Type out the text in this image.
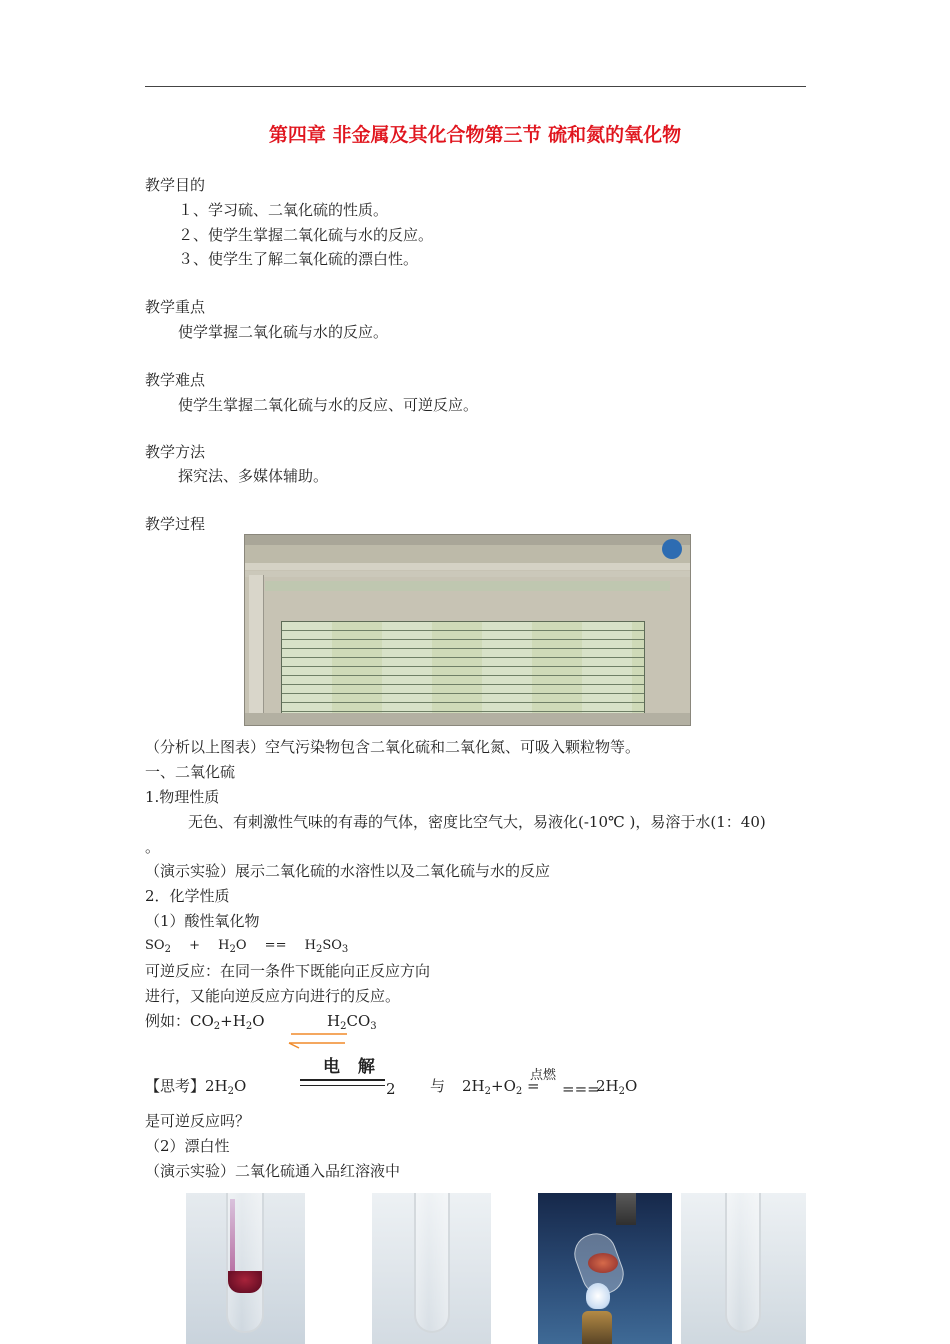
第四章 非金属及其化合物第三节 硫和氮的氧化物
教学目的
１、学习硫、二氧化硫的性质。
２、使学生掌握二氧化硫与水的反应。
３、使学生了解二氧化硫的漂白性。
教学重点
使学掌握二氧化硫与水的反应。
教学难点
使学生掌握二氧化硫与水的反应、可逆反应。
教学方法
探究法、多媒体辅助。
教学过程
（分析以上图表）空气污染物包含二氧化硫和二氧化氮、可吸入颗粒物等。
一、二氧化硫
1.物理性质
无色、有刺激性气味的有毒的气体，密度比空气大，易液化(-10℃ )，易溶于水(1：40)
。
（演示实验）展示二氧化硫的水溶性以及二氧化硫与水的反应
2．化学性质
（1）酸性氧化物
$SO_2 + H_2O == H_2SO_3$
可逆反应：在同一条件下既能向正反应方向
进行，又能向逆反应方向进行的反应。
例如：$CO_2+H_2O$	$H_2CO_3$
【思考】$2H_2O$
电 解
2 与 $2H_2+O_2$ =
点燃
===
$2H_2O$
是可逆反应吗？
（2）漂白性
（演示实验）二氧化硫通入品红溶液中
